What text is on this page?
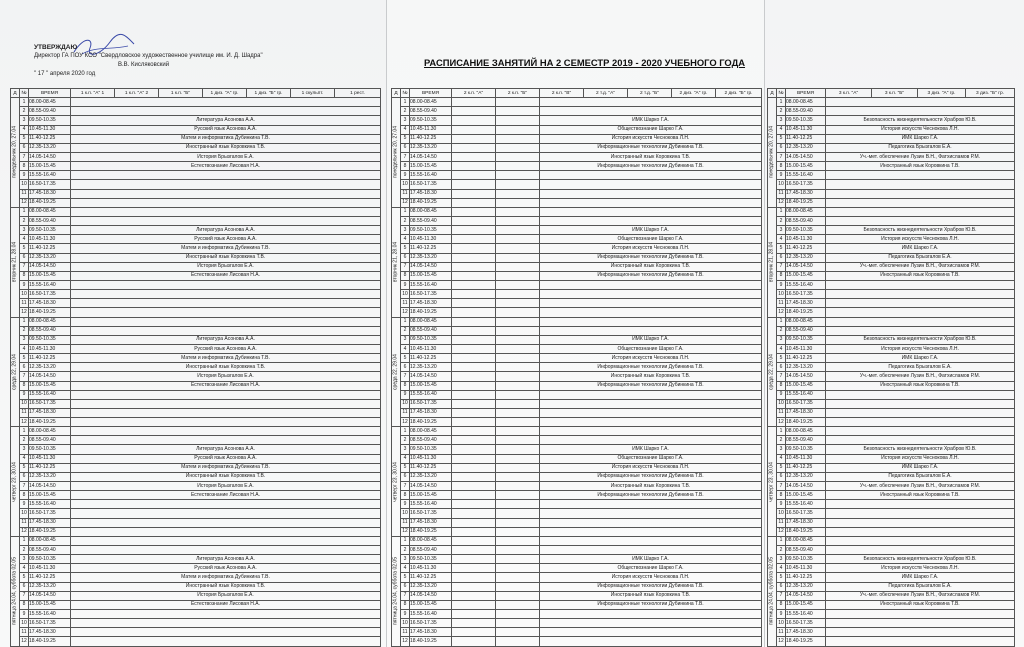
УТВЕРЖДАЮ
Директор ГА ПОУ КСО "Свердловское художественное училище им. И. Д. Шадра"
В.В. Кисляковский
" 17 " апреля 2020 год
РАСПИСАНИЕ ЗАНЯТИЙ НА 2 СЕМЕСТР 2019 - 2020 УЧЕБНОГО ГОДА
Д	№	ВРЕМЯ	1 к.п. "А" 1	1 к.п. "А" 2	1 к.п. "Б"	1 диз. "А" гр.	1 диз. "Б" гр.	1 скульпт.	1 рест.

понедельник 20, 27.04	1	08.00-08.45							
	2	08.55-09.40							
	3	09.50-10.35	Литература Асонова А.А.						
	4	10.45-11.30	Русский язык Асонова А.А.						
	5	11.40-12.25	Матем и информатика Дубинкина Т.В.						
	6	12.35-13.20	Иностранный язык Коровкина Т.В.						
	7	14.05-14.50	История Брызгалов Е.А.						
	8	15.00-15.45	Естествознание Лисовая Н.А.						
	9	15.55-16.40							
	10	16.50-17.35							
	11	17.45-18.30							
	12	18.40-19.25							

вторник 21, 28.04	1	08.00-08.45							
	2	08.55-09.40							
	3	09.50-10.35	Литература Асонова А.А.						
	4	10.45-11.30	Русский язык Асонова А.А.						
	5	11.40-12.25	Матем и информатика Дубинкина Т.В.						
	6	12.35-13.20	Иностранный язык Коровкина Т.В.						
	7	14.05-14.50	История Брызгалов Е.А.						
	8	15.00-15.45	Естествознание Лисовая Н.А.						
	9	15.55-16.40							
	10	16.50-17.35							
	11	17.45-18.30							
	12	18.40-19.25							

среда 22, 29.04	1	08.00-08.45							
	2	08.55-09.40							
	3	09.50-10.35	Литература Асонова А.А.						
	4	10.45-11.30	Русский язык Асонова А.А.						
	5	11.40-12.25	Матем и информатика Дубинкина Т.В.						
	6	12.35-13.20	Иностранный язык Коровкина Т.В.						
	7	14.05-14.50	История Брызгалов Е.А.						
	8	15.00-15.45	Естествознание Лисовая Н.А.						
	9	15.55-16.40							
	10	16.50-17.35							
	11	17.45-18.30							
	12	18.40-19.25							

четверг 23, 30.04	1	08.00-08.45							
	2	08.55-09.40							
	3	09.50-10.35	Литература Асонова А.А.						
	4	10.45-11.30	Русский язык Асонова А.А.						
	5	11.40-12.25	Матем и информатика Дубинкина Т.В.						
	6	12.35-13.20	Иностранный язык Коровкина Т.В.						
	7	14.05-14.50	История Брызгалов Е.А.						
	8	15.00-15.45	Естествознание Лисовая Н.А.						
	9	15.55-16.40							
	10	16.50-17.35							
	11	17.45-18.30							
	12	18.40-19.25							

пятница 24.04, суббота 02.05	1	08.00-08.45							
	2	08.55-09.40							
	3	09.50-10.35	Литература Асонова А.А.						
	4	10.45-11.30	Русский язык Асонова А.А.						
	5	11.40-12.25	Матем и информатика Дубинкина Т.В.						
	6	12.35-13.20	Иностранный язык Коровкина Т.В.						
	7	14.05-14.50	История Брызгалов Е.А.						
	8	15.00-15.45	Естествознание Лисовая Н.А.						
	9	15.55-16.40							
	10	16.50-17.35							
	11	17.45-18.30							
	12	18.40-19.25							
Д	№	ВРЕМЯ	2 к.п. "А"	2 к.п. "Б"	2 к.п. "В"	2 т.д. "А"	2 т.д. "Б"	2 диз. "А" гр.	2 диз. "Б" гр.

понедельник 20, 27.04	1	08.00-08.45							
	2	08.55-09.40							
	3	09.50-10.35			ИМК Шарко Г.А.				
	4	10.45-11.30			Обществознание Шарко Г.А.				
	5	11.40-12.25			История искусств Чесноковa Л.Н.				
	6	12.35-13.20			Информационные технологии Дубинкина Т.В.				
	7	14.05-14.50			Иностранный язык Коровкина Т.В.				
	8	15.00-15.45			Информационные технологии Дубинкина Т.В.				
	9	15.55-16.40							
	10	16.50-17.35							
	11	17.45-18.30							
	12	18.40-19.25							

вторник 21, 28.04	1	08.00-08.45							
	2	08.55-09.40							
	3	09.50-10.35			ИМК Шарко Г.А.				
	4	10.45-11.30			Обществознание Шарко Г.А.				
	5	11.40-12.25			История искусств Чесноковa Л.Н.				
	6	12.35-13.20			Информационные технологии Дубинкина Т.В.				
	7	14.05-14.50			Иностранный язык Коровкина Т.В.				
	8	15.00-15.45			Информационные технологии Дубинкина Т.В.				
	9	15.55-16.40							
	10	16.50-17.35							
	11	17.45-18.30							
	12	18.40-19.25							

среда 22, 29.04	1	08.00-08.45							
	2	08.55-09.40							
	3	09.50-10.35			ИМК Шарко Г.А.				
	4	10.45-11.30			Обществознание Шарко Г.А.				
	5	11.40-12.25			История искусств Чесноковa Л.Н.				
	6	12.35-13.20			Информационные технологии Дубинкина Т.В.				
	7	14.05-14.50			Иностранный язык Коровкина Т.В.				
	8	15.00-15.45			Информационные технологии Дубинкина Т.В.				
	9	15.55-16.40							
	10	16.50-17.35							
	11	17.45-18.30							
	12	18.40-19.25							

четверг 23, 30.04	1	08.00-08.45							
	2	08.55-09.40							
	3	09.50-10.35			ИМК Шарко Г.А.				
	4	10.45-11.30			Обществознание Шарко Г.А.				
	5	11.40-12.25			История искусств Чесноковa Л.Н.				
	6	12.35-13.20			Информационные технологии Дубинкина Т.В.				
	7	14.05-14.50			Иностранный язык Коровкина Т.В.				
	8	15.00-15.45			Информационные технологии Дубинкина Т.В.				
	9	15.55-16.40							
	10	16.50-17.35							
	11	17.45-18.30							
	12	18.40-19.25							

пятница 24.04, суббота 02.05	1	08.00-08.45							
	2	08.55-09.40							
	3	09.50-10.35			ИМК Шарко Г.А.				
	4	10.45-11.30			Обществознание Шарко Г.А.				
	5	11.40-12.25			История искусств Чесноковa Л.Н.				
	6	12.35-13.20			Информационные технологии Дубинкина Т.В.				
	7	14.05-14.50			Иностранный язык Коровкина Т.В.				
	8	15.00-15.45			Информационные технологии Дубинкина Т.В.				
	9	15.55-16.40							
	10	16.50-17.35							
	11	17.45-18.30							
	12	18.40-19.25							
Д	№	ВРЕМЯ	3 к.п. "А"	3 к.п. "Б"	3 диз. "А" гр.	3 диз. "Б" гр.

понедельник 20, 27.04	1	08.00-08.45				
	2	08.55-09.40				
	3	09.50-10.35	Безопасность жизнедеятельности Храбров Ю.В.			
	4	10.45-11.30	История искусств Чесноковa Л.Н.			
	5	11.40-12.25	ИМК Шарко Г.А.			
	6	12.35-13.20	Педагогика Брызгалов Е.А.			
	7	14.05-14.50	Уч.-мет. обеспечение Лузин В.Н., Фатхисламов Р.М.			
	8	15.00-15.45	Иностранный язык Коровкина Т.В.			
	9	15.55-16.40				
	10	16.50-17.35				
	11	17.45-18.30				
	12	18.40-19.25				

вторник 21, 28.04	1	08.00-08.45				
	2	08.55-09.40				
	3	09.50-10.35	Безопасность жизнедеятельности Храбров Ю.В.			
	4	10.45-11.30	История искусств Чесноковa Л.Н.			
	5	11.40-12.25	ИМК Шарко Г.А.			
	6	12.35-13.20	Педагогика Брызгалов Е.А.			
	7	14.05-14.50	Уч.-мет. обеспечение Лузин В.Н., Фатхисламов Р.М.			
	8	15.00-15.45	Иностранный язык Коровкина Т.В.			
	9	15.55-16.40				
	10	16.50-17.35				
	11	17.45-18.30				
	12	18.40-19.25				

среда 22, 29.04	1	08.00-08.45				
	2	08.55-09.40				
	3	09.50-10.35	Безопасность жизнедеятельности Храбров Ю.В.			
	4	10.45-11.30	История искусств Чесноковa Л.Н.			
	5	11.40-12.25	ИМК Шарко Г.А.			
	6	12.35-13.20	Педагогика Брызгалов Е.А.			
	7	14.05-14.50	Уч.-мет. обеспечение Лузин В.Н., Фатхисламов Р.М.			
	8	15.00-15.45	Иностранный язык Коровкина Т.В.			
	9	15.55-16.40				
	10	16.50-17.35				
	11	17.45-18.30				
	12	18.40-19.25				

четверг 23, 30.04	1	08.00-08.45				
	2	08.55-09.40				
	3	09.50-10.35	Безопасность жизнедеятельности Храбров Ю.В.			
	4	10.45-11.30	История искусств Чесноковa Л.Н.			
	5	11.40-12.25	ИМК Шарко Г.А.			
	6	12.35-13.20	Педагогика Брызгалов Е.А.			
	7	14.05-14.50	Уч.-мет. обеспечение Лузин В.Н., Фатхисламов Р.М.			
	8	15.00-15.45	Иностранный язык Коровкина Т.В.			
	9	15.55-16.40				
	10	16.50-17.35				
	11	17.45-18.30				
	12	18.40-19.25				

пятница 24.04, суббота 02.05	1	08.00-08.45				
	2	08.55-09.40				
	3	09.50-10.35	Безопасность жизнедеятельности Храбров Ю.В.			
	4	10.45-11.30	История искусств Чесноковa Л.Н.			
	5	11.40-12.25	ИМК Шарко Г.А.			
	6	12.35-13.20	Педагогика Брызгалов Е.А.			
	7	14.05-14.50	Уч.-мет. обеспечение Лузин В.Н., Фатхисламов Р.М.			
	8	15.00-15.45	Иностранный язык Коровкина Т.В.			
	9	15.55-16.40				
	10	16.50-17.35				
	11	17.45-18.30				
	12	18.40-19.25				
